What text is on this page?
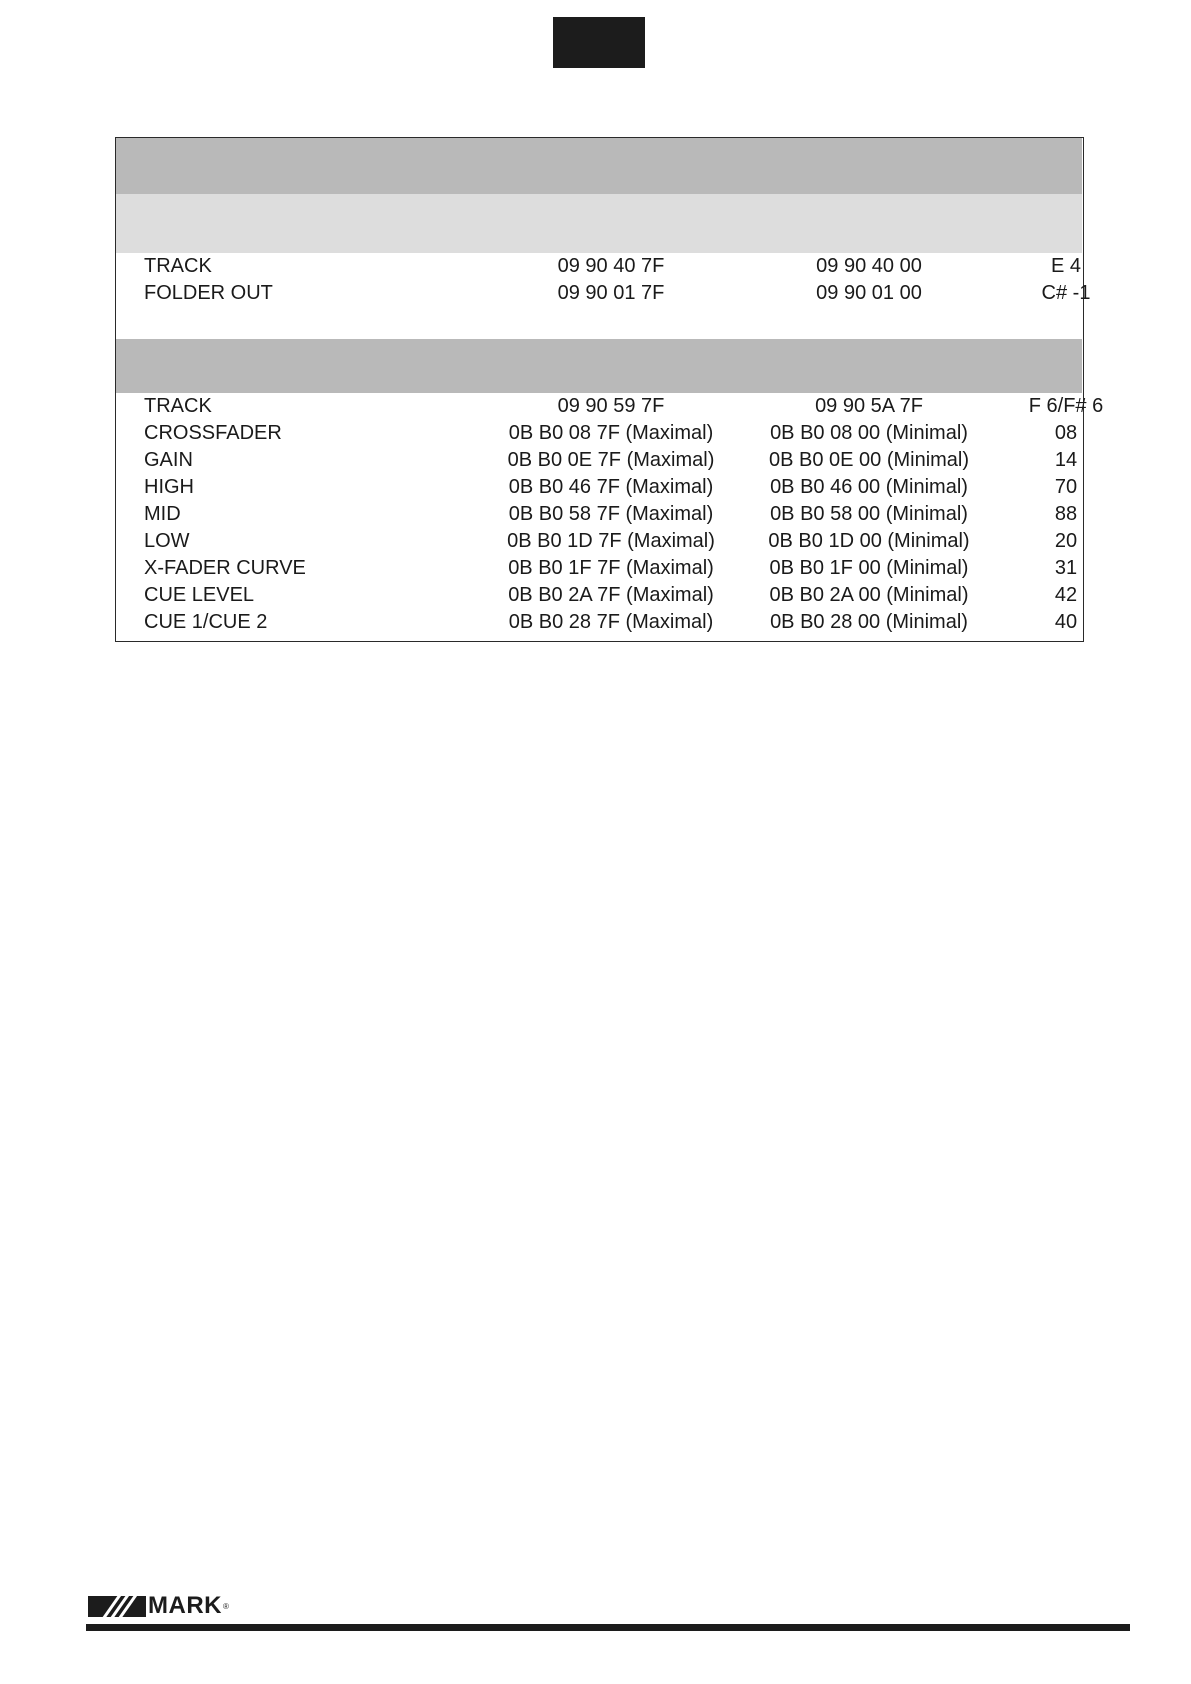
TRACK	09 90 40 7F	09 90 40 00	E 4
FOLDER OUT	09 90 01 7F	09 90 01 00	C# -1
TRACK	09 90 59 7F	09 90 5A 7F	F 6/F# 6
CROSSFADER	0B B0 08 7F (Maximal)	0B B0 08 00 (Minimal)	08
GAIN	0B B0 0E 7F (Maximal)	0B B0 0E 00 (Minimal)	14
HIGH	0B B0 46 7F (Maximal)	0B B0 46 00 (Minimal)	70
MID	0B B0 58 7F (Maximal)	0B B0 58 00 (Minimal)	88
LOW	0B B0 1D 7F (Maximal)	0B B0 1D 00 (Minimal)	20
X-FADER CURVE	0B B0 1F 7F (Maximal)	0B B0 1F 00 (Minimal)	31
CUE LEVEL	0B B0 2A 7F (Maximal)	0B B0 2A 00 (Minimal)	42
CUE 1/CUE 2	0B B0 28 7F (Maximal)	0B B0 28 00 (Minimal)	40
MARK ®
